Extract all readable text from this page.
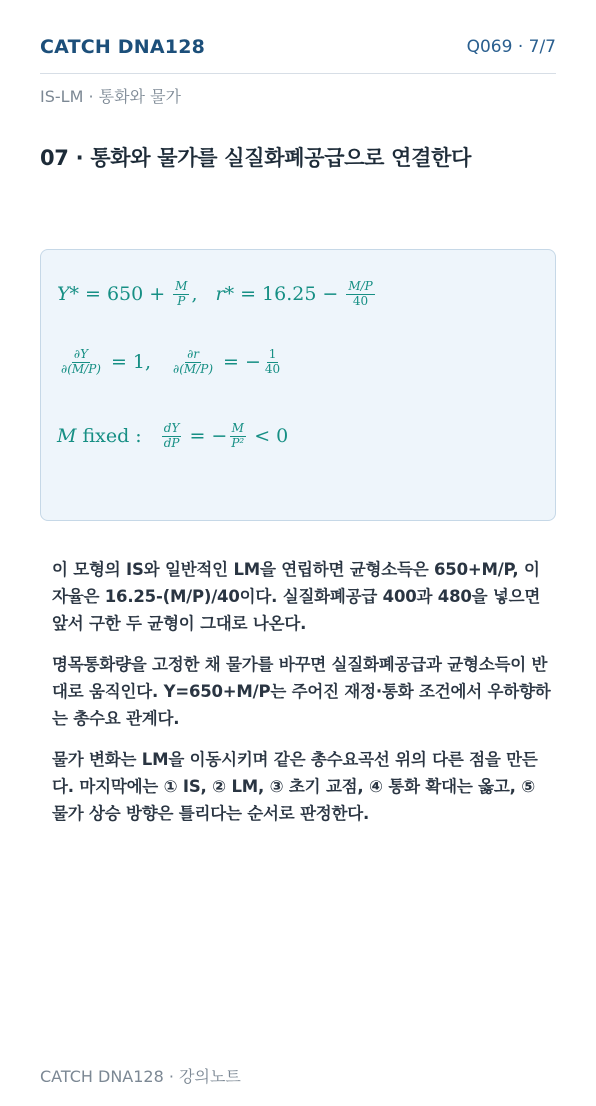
CATCH DNA128	Q069 · 7/7
IS-LM · 통화와 물가
07 · 통화와 물가를 실질화폐공급으로 연결한다
$Y* = 650 + \frac{M}{P}$ , $r* = 16.25 - \frac{M/P}{40}$
$\frac{\partial Y}{\partial(M/P)} = 1$ , $\frac{\partial r}{\partial(M/P)}$ = − $\frac{1}{40}$
M fixed : $\frac{dY}{dP}$ = − $\frac{M}{\text{P²}} < 0$

이 모형의 IS와 일반적인 LM을 연립하면 균형소득은 650+M/P, 이자율은 16.25-(M/P)/40이다. 실질화폐공급 400과 480을 넣으면 앞서 구한 두 균형이 그대로 나온다.

명목통화량을 고정한 채 물가를 바꾸면 실질화폐공급과 균형소득이 반대로 움직인다. Y=650+M/P는 주어진 재정·통화 조건에서 우하향하는 총수요 관계다.

물가 변화는 LM을 이동시키며 같은 총수요곡선 위의 다른 점을 만든다. 마지막에는 ① IS, ② LM, ③ 초기 교점, ④ 통화 확대는 옳고, ⑤ 물가 상승 방향은 틀리다는 순서로 판정한다.

CATCH DNA128 · 강의노트
